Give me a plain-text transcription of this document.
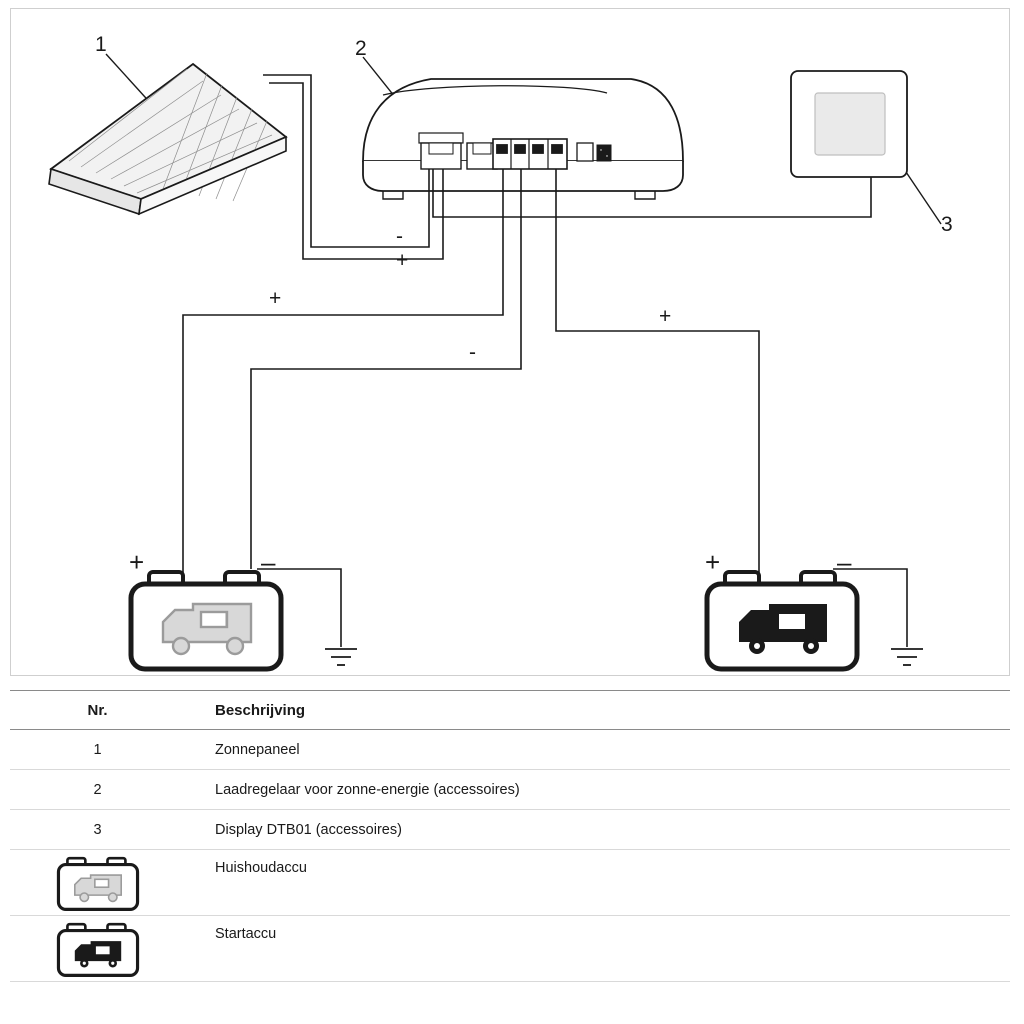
1	2
3
-
+
+
-
+
+	–	+	–
Nr.	Beschrijving
1	Zonnepaneel
2	Laadregelaar voor zonne-energie (accessoires)
3	Display DTB01 (accessoires)

	Huishoudaccu

	Startaccu
